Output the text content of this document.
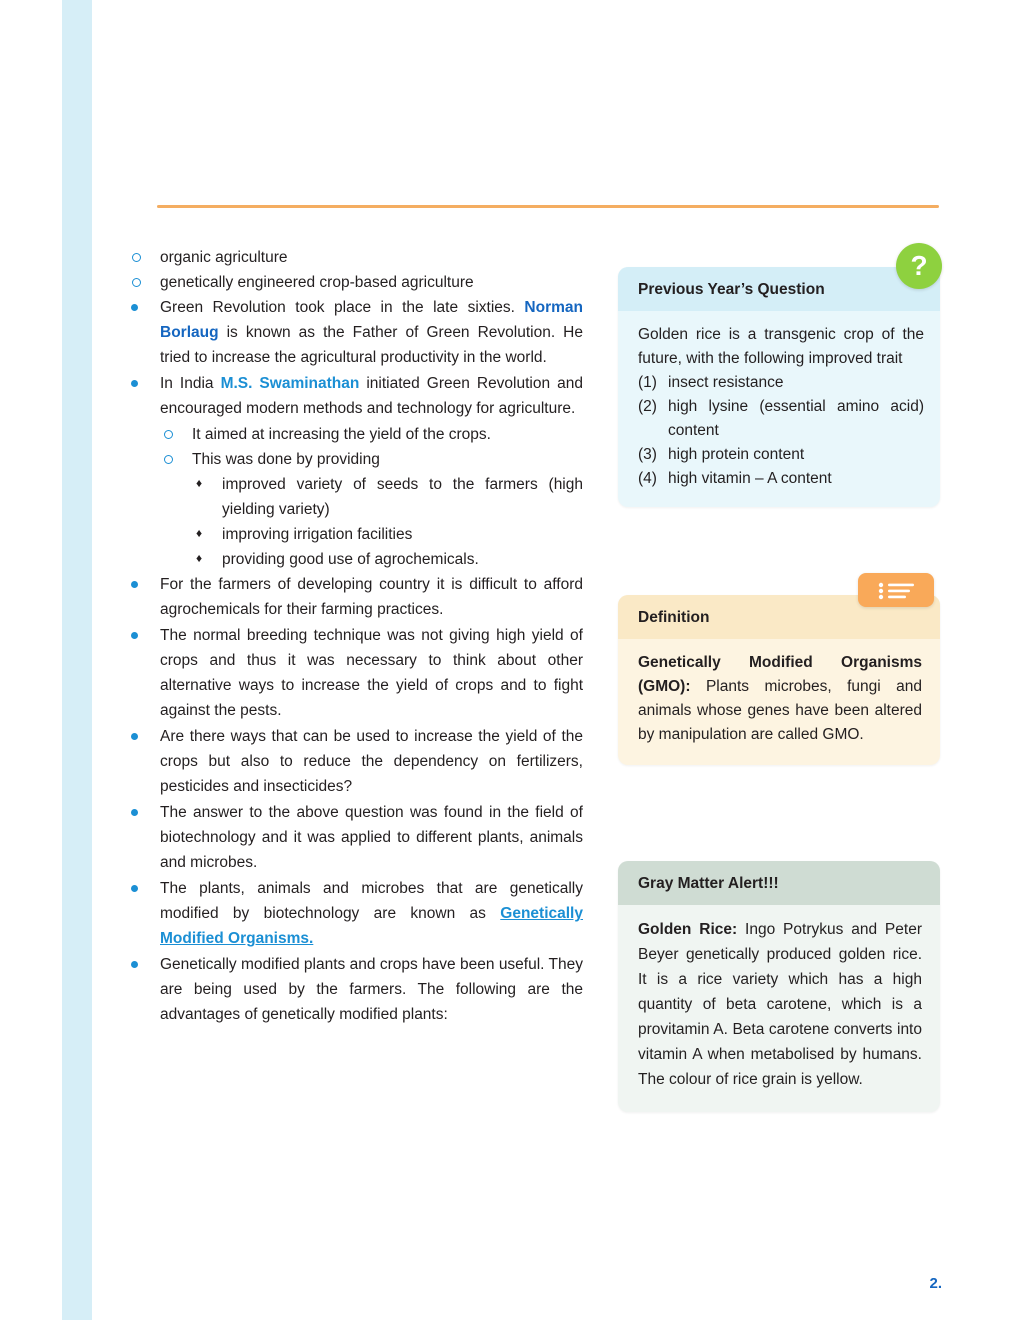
organic agriculture
genetically engineered crop-based agriculture
Green Revolution took place in the late sixties. Norman Borlaug is known as the Father of Green Revolution. He tried to increase the agricultural productivity in the world.
In India M.S. Swaminathan initiated Green Revolution and encouraged modern methods and technology for agriculture.
It aimed at increasing the yield of the crops.
This was done by providing
♦ improved variety of seeds to the farmers (high yielding variety)
♦ improving irrigation facilities
♦ providing good use of agrochemicals.
For the farmers of developing country it is difficult to afford agrochemicals for their farming practices.
The normal breeding technique was not giving high yield of crops and thus it was necessary to think about other alternative ways to increase the yield of crops and to fight against the pests.
Are there ways that can be used to increase the yield of the crops but also to reduce the dependency on fertilizers, pesticides and insecticides?
The answer to the above question was found in the field of biotechnology and it was applied to different plants, animals and microbes.
The plants, animals and microbes that are genetically modified by biotechnology are known as Genetically Modified Organisms.
Genetically modified plants and crops have been useful. They are being used by the farmers. The following are the advantages of genetically modified plants:
?
Previous Year’s Question
Golden rice is a transgenic crop of the future, with the following improved trait
(1) insect resistance
(2) high lysine (essential amino acid) content
(3) high protein content
(4) high vitamin – A content
Definition
Genetically Modified Organisms (GMO): Plants microbes, fungi and animals whose genes have been altered by manipulation are called GMO.
Gray Matter Alert!!!
Golden Rice: Ingo Potrykus and Peter Beyer genetically produced golden rice. It is a rice variety which has a high quantity of beta carotene, which is a provitamin A. Beta carotene converts into vitamin A when metabolised by humans. The colour of rice grain is yellow.
2.
